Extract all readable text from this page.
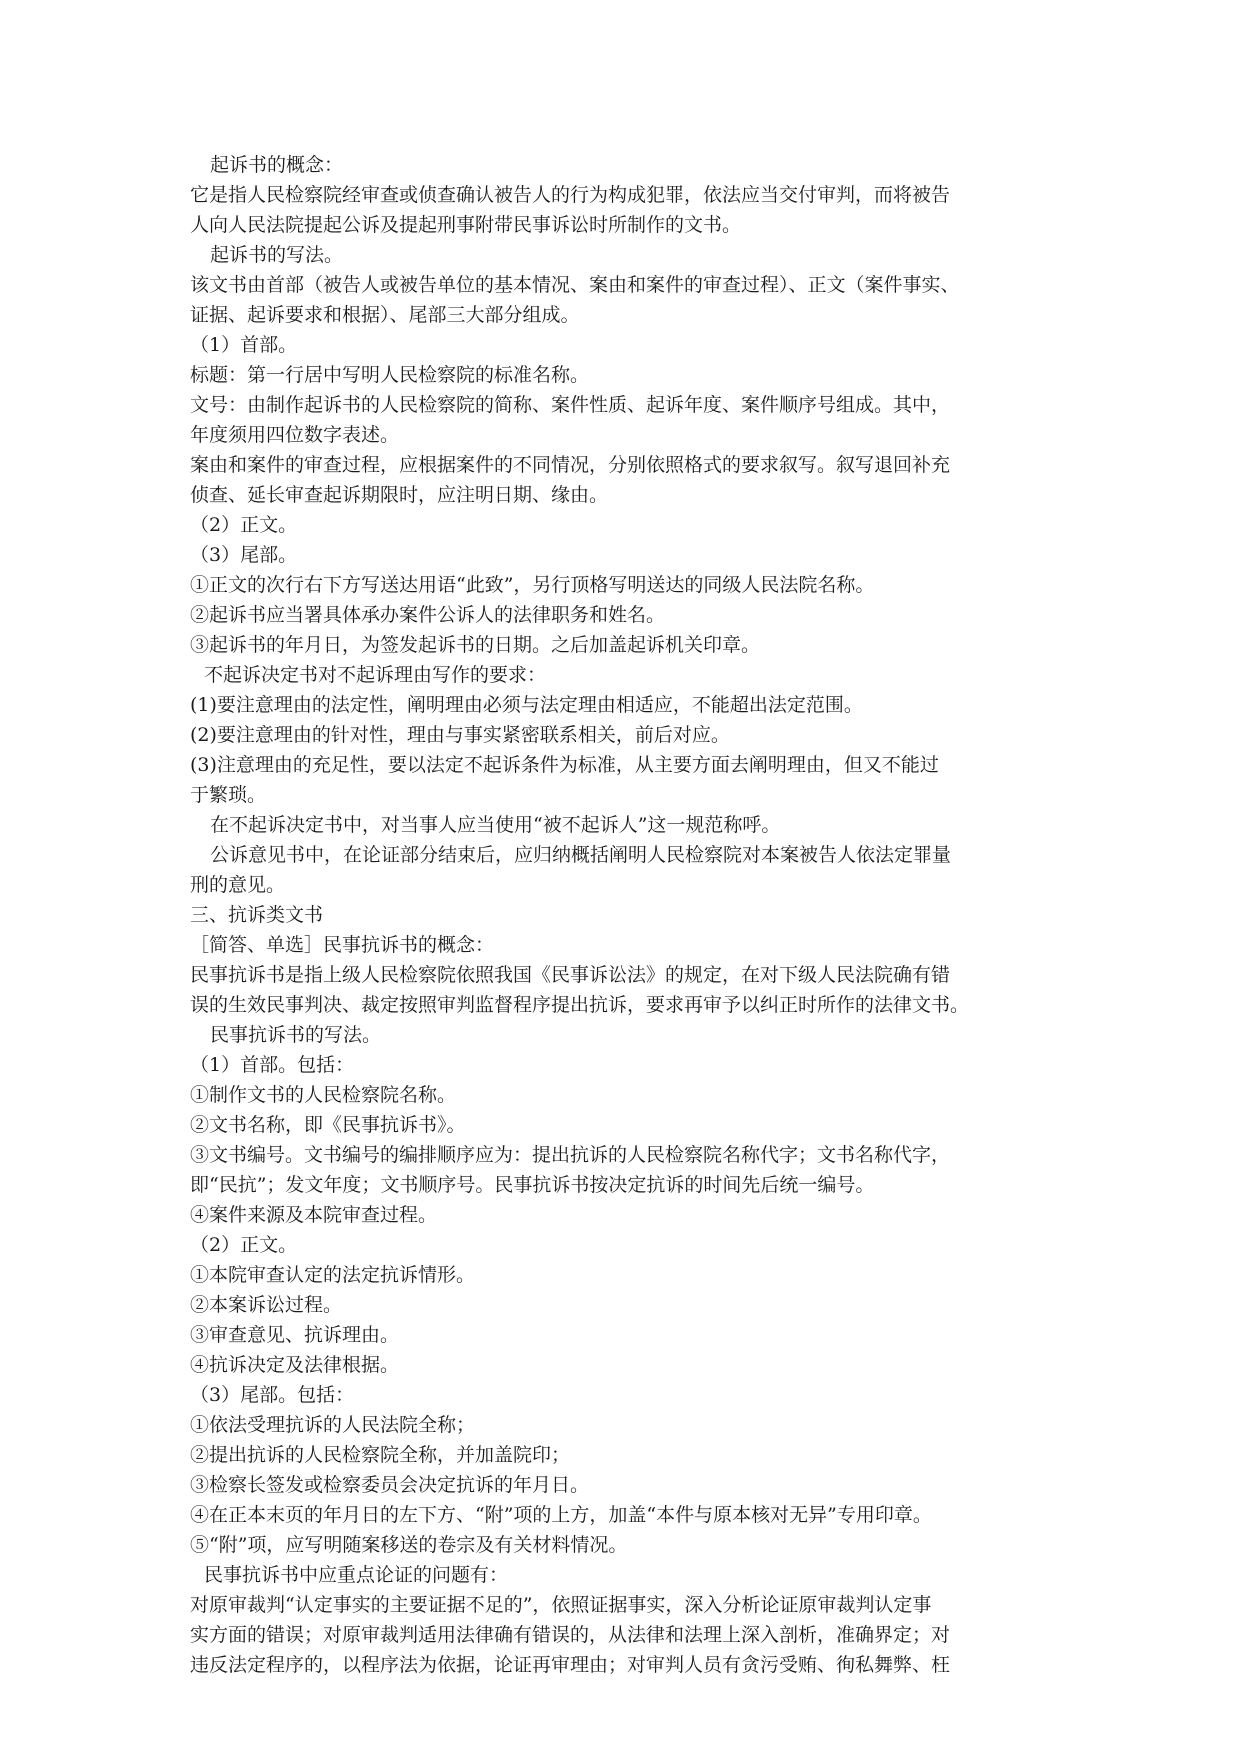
起诉书的概念：
它是指人民检察院经审查或侦查确认被告人的行为构成犯罪，依法应当交付审判，而将被告
人向人民法院提起公诉及提起刑事附带民事诉讼时所制作的文书。
起诉书的写法。
该文书由首部（被告人或被告单位的基本情况、案由和案件的审查过程）、正文（案件事实、
证据、起诉要求和根据）、尾部三大部分组成。
（1）首部。
标题：第一行居中写明人民检察院的标准名称。
文号：由制作起诉书的人民检察院的简称、案件性质、起诉年度、案件顺序号组成。其中，
年度须用四位数字表述。
案由和案件的审查过程，应根据案件的不同情况，分别依照格式的要求叙写。叙写退回补充
侦查、延长审查起诉期限时，应注明日期、缘由。
（2）正文。
（3）尾部。
①正文的次行右下方写送达用语“此致”，另行顶格写明送达的同级人民法院名称。
②起诉书应当署具体承办案件公诉人的法律职务和姓名。
③起诉书的年月日，为签发起诉书的日期。之后加盖起诉机关印章。
不起诉决定书对不起诉理由写作的要求：
(1)要注意理由的法定性，阐明理由必须与法定理由相适应，不能超出法定范围。
(2)要注意理由的针对性，理由与事实紧密联系相关，前后对应。
(3)注意理由的充足性，要以法定不起诉条件为标准，从主要方面去阐明理由，但又不能过
于繁琐。
在不起诉决定书中，对当事人应当使用“被不起诉人”这一规范称呼。
公诉意见书中，在论证部分结束后，应归纳概括阐明人民检察院对本案被告人依法定罪量
刑的意见。
三、抗诉类文书
［简答、单选］民事抗诉书的概念：
民事抗诉书是指上级人民检察院依照我国《民事诉讼法》的规定，在对下级人民法院确有错
误的生效民事判决、裁定按照审判监督程序提出抗诉，要求再审予以纠正时所作的法律文书。
民事抗诉书的写法。
（1）首部。包括：
①制作文书的人民检察院名称。
②文书名称，即《民事抗诉书》。
③文书编号。文书编号的编排顺序应为：提出抗诉的人民检察院名称代字；文书名称代字，
即“民抗”；发文年度；文书顺序号。民事抗诉书按决定抗诉的时间先后统一编号。
④案件来源及本院审查过程。
（2）正文。
①本院审查认定的法定抗诉情形。
②本案诉讼过程。
③审查意见、抗诉理由。
④抗诉决定及法律根据。
（3）尾部。包括：
①依法受理抗诉的人民法院全称；
②提出抗诉的人民检察院全称，并加盖院印；
③检察长签发或检察委员会决定抗诉的年月日。
④在正本末页的年月日的左下方、“附”项的上方，加盖“本件与原本核对无异”专用印章。
⑤“附”项，应写明随案移送的卷宗及有关材料情况。
民事抗诉书中应重点论证的问题有：
对原审裁判“认定事实的主要证据不足的”，依照证据事实，深入分析论证原审裁判认定事
实方面的错误；对原审裁判适用法律确有错误的，从法律和法理上深入剖析，准确界定；对
违反法定程序的，以程序法为依据，论证再审理由；对审判人员有贪污受贿、徇私舞弊、枉
